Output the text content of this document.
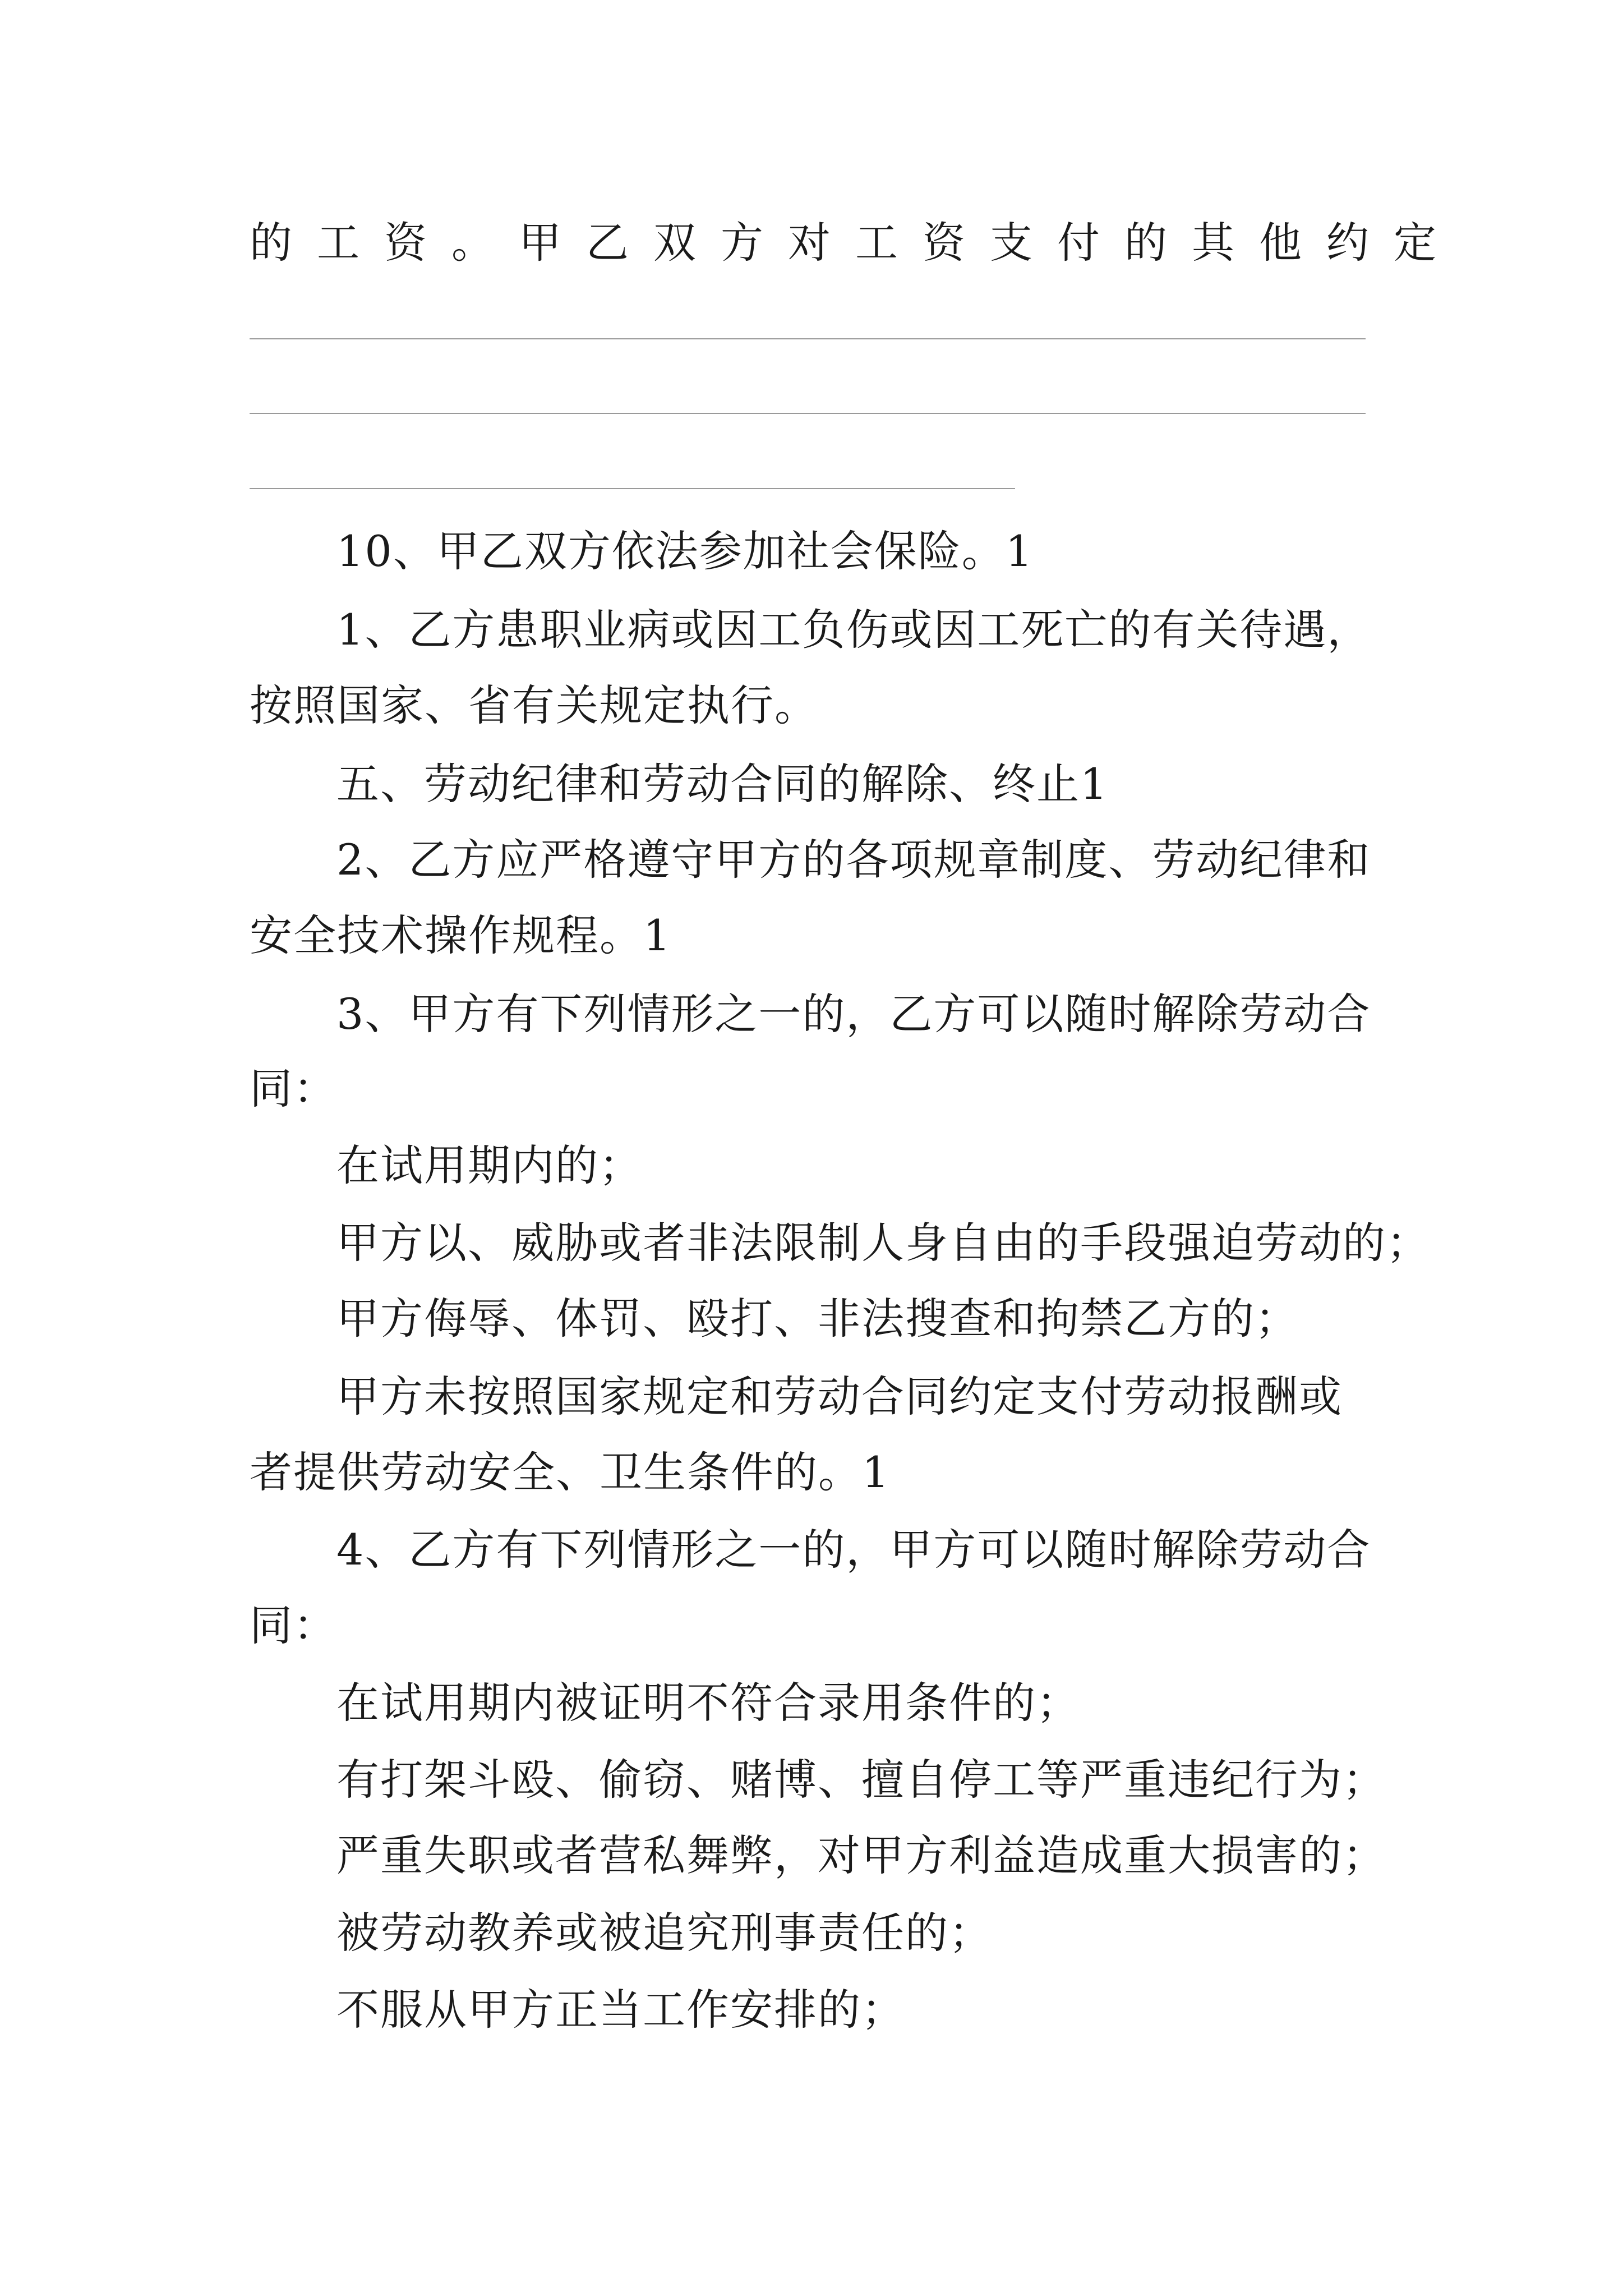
的工资。甲乙双方对工资支付的其他约定
10、甲乙双方依法参加社会保险。1
1、乙方患职业病或因工负伤或因工死亡的有关待遇，
按照国家、省有关规定执行。
五、劳动纪律和劳动合同的解除、终止1
2、乙方应严格遵守甲方的各项规章制度、劳动纪律和
安全技术操作规程。1
3、甲方有下列情形之一的，乙方可以随时解除劳动合
同：
在试用期内的；
甲方以、威胁或者非法限制人身自由的手段强迫劳动的；
甲方侮辱、体罚、殴打、非法搜查和拘禁乙方的；
甲方未按照国家规定和劳动合同约定支付劳动报酬或
者提供劳动安全、卫生条件的。1
4、乙方有下列情形之一的，甲方可以随时解除劳动合
同：
在试用期内被证明不符合录用条件的；
有打架斗殴、偷窃、赌博、擅自停工等严重违纪行为；
严重失职或者营私舞弊，对甲方利益造成重大损害的；
被劳动教养或被追究刑事责任的；
不服从甲方正当工作安排的；
